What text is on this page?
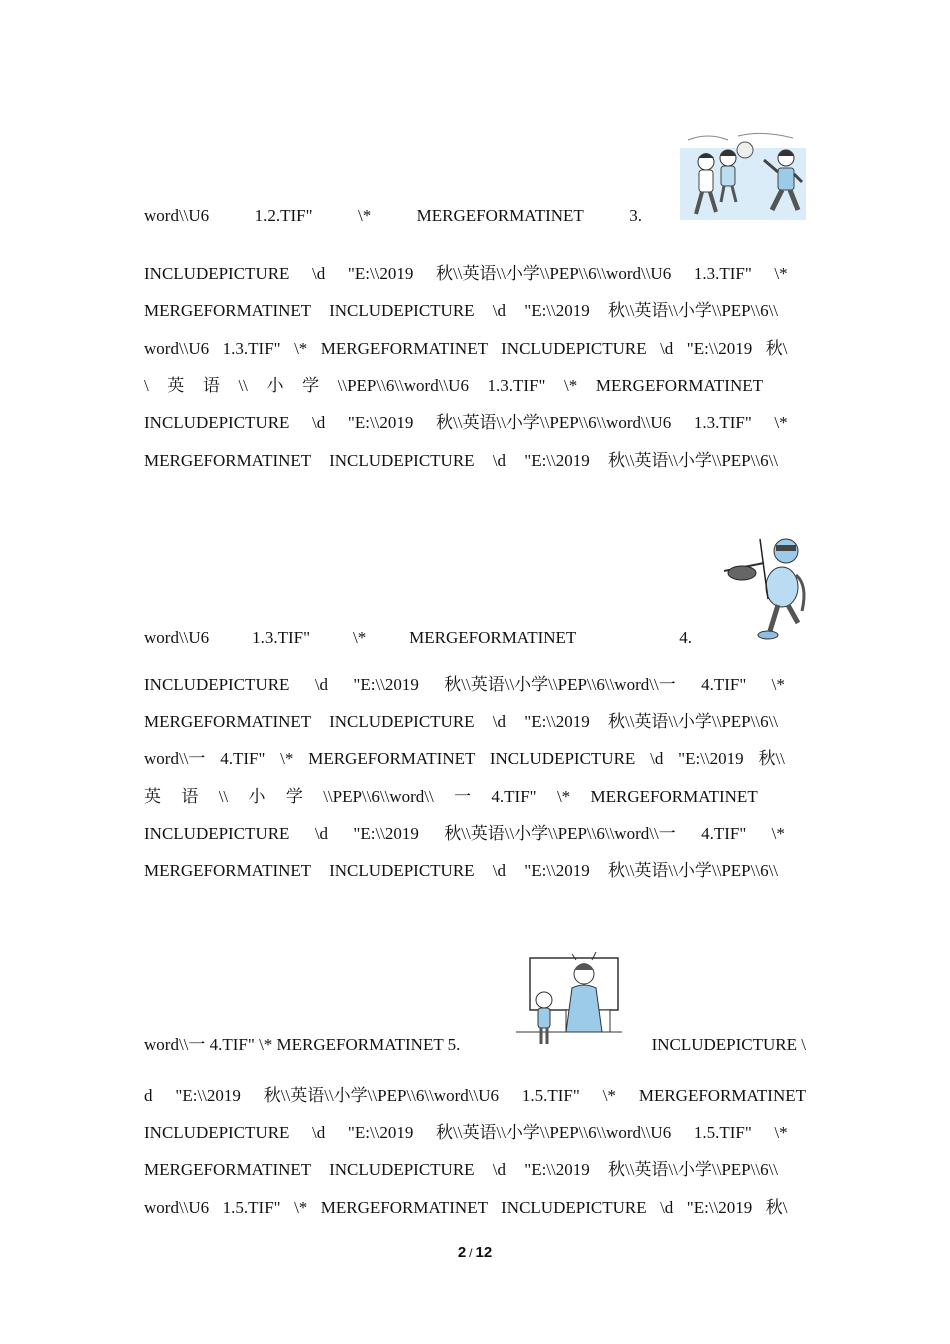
word\\U6	1.2.TIF"	\*	MERGEFORMATINET	3.
INCLUDEPICTURE \d "E:\\2019 秋\\英语\\小学\\PEP\\6\\word\\U6 1.3.TIF" \*
MERGEFORMATINET INCLUDEPICTURE \d "E:\\2019 秋\\英语\\小学\\PEP\\6\\
word\\U6 1.3.TIF" \* MERGEFORMATINET INCLUDEPICTURE \d "E:\\2019 秋\
\ 英 语 \\ 小 学 \\PEP\\6\\word\\U6 1.3.TIF" \* MERGEFORMATINET
INCLUDEPICTURE \d "E:\\2019 秋\\英语\\小学\\PEP\\6\\word\\U6 1.3.TIF" \*
MERGEFORMATINET INCLUDEPICTURE \d "E:\\2019 秋\\英语\\小学\\PEP\\6\\
word\\U6	1.3.TIF"	\*	MERGEFORMATINET	4.
INCLUDEPICTURE \d "E:\\2019 秋\\英语\\小学\\PEP\\6\\word\\一 4.TIF" \*
MERGEFORMATINET INCLUDEPICTURE \d "E:\\2019 秋\\英语\\小学\\PEP\\6\\
word\\一 4.TIF" \* MERGEFORMATINET INCLUDEPICTURE \d "E:\\2019 秋\\
英 语 \\ 小 学 \\PEP\\6\\word\\ 一 4.TIF" \* MERGEFORMATINET
INCLUDEPICTURE \d "E:\\2019 秋\\英语\\小学\\PEP\\6\\word\\一 4.TIF" \*
MERGEFORMATINET INCLUDEPICTURE \d "E:\\2019 秋\\英语\\小学\\PEP\\6\\
word\\一 4.TIF" \* MERGEFORMATINET 5.	INCLUDEPICTURE \
d "E:\\2019 秋\\英语\\小学\\PEP\\6\\word\\U6 1.5.TIF" \* MERGEFORMATINET
INCLUDEPICTURE \d "E:\\2019 秋\\英语\\小学\\PEP\\6\\word\\U6 1.5.TIF" \*
MERGEFORMATINET INCLUDEPICTURE \d "E:\\2019 秋\\英语\\小学\\PEP\\6\\
word\\U6 1.5.TIF" \* MERGEFORMATINET INCLUDEPICTURE \d "E:\\2019 秋\
2 / 12
